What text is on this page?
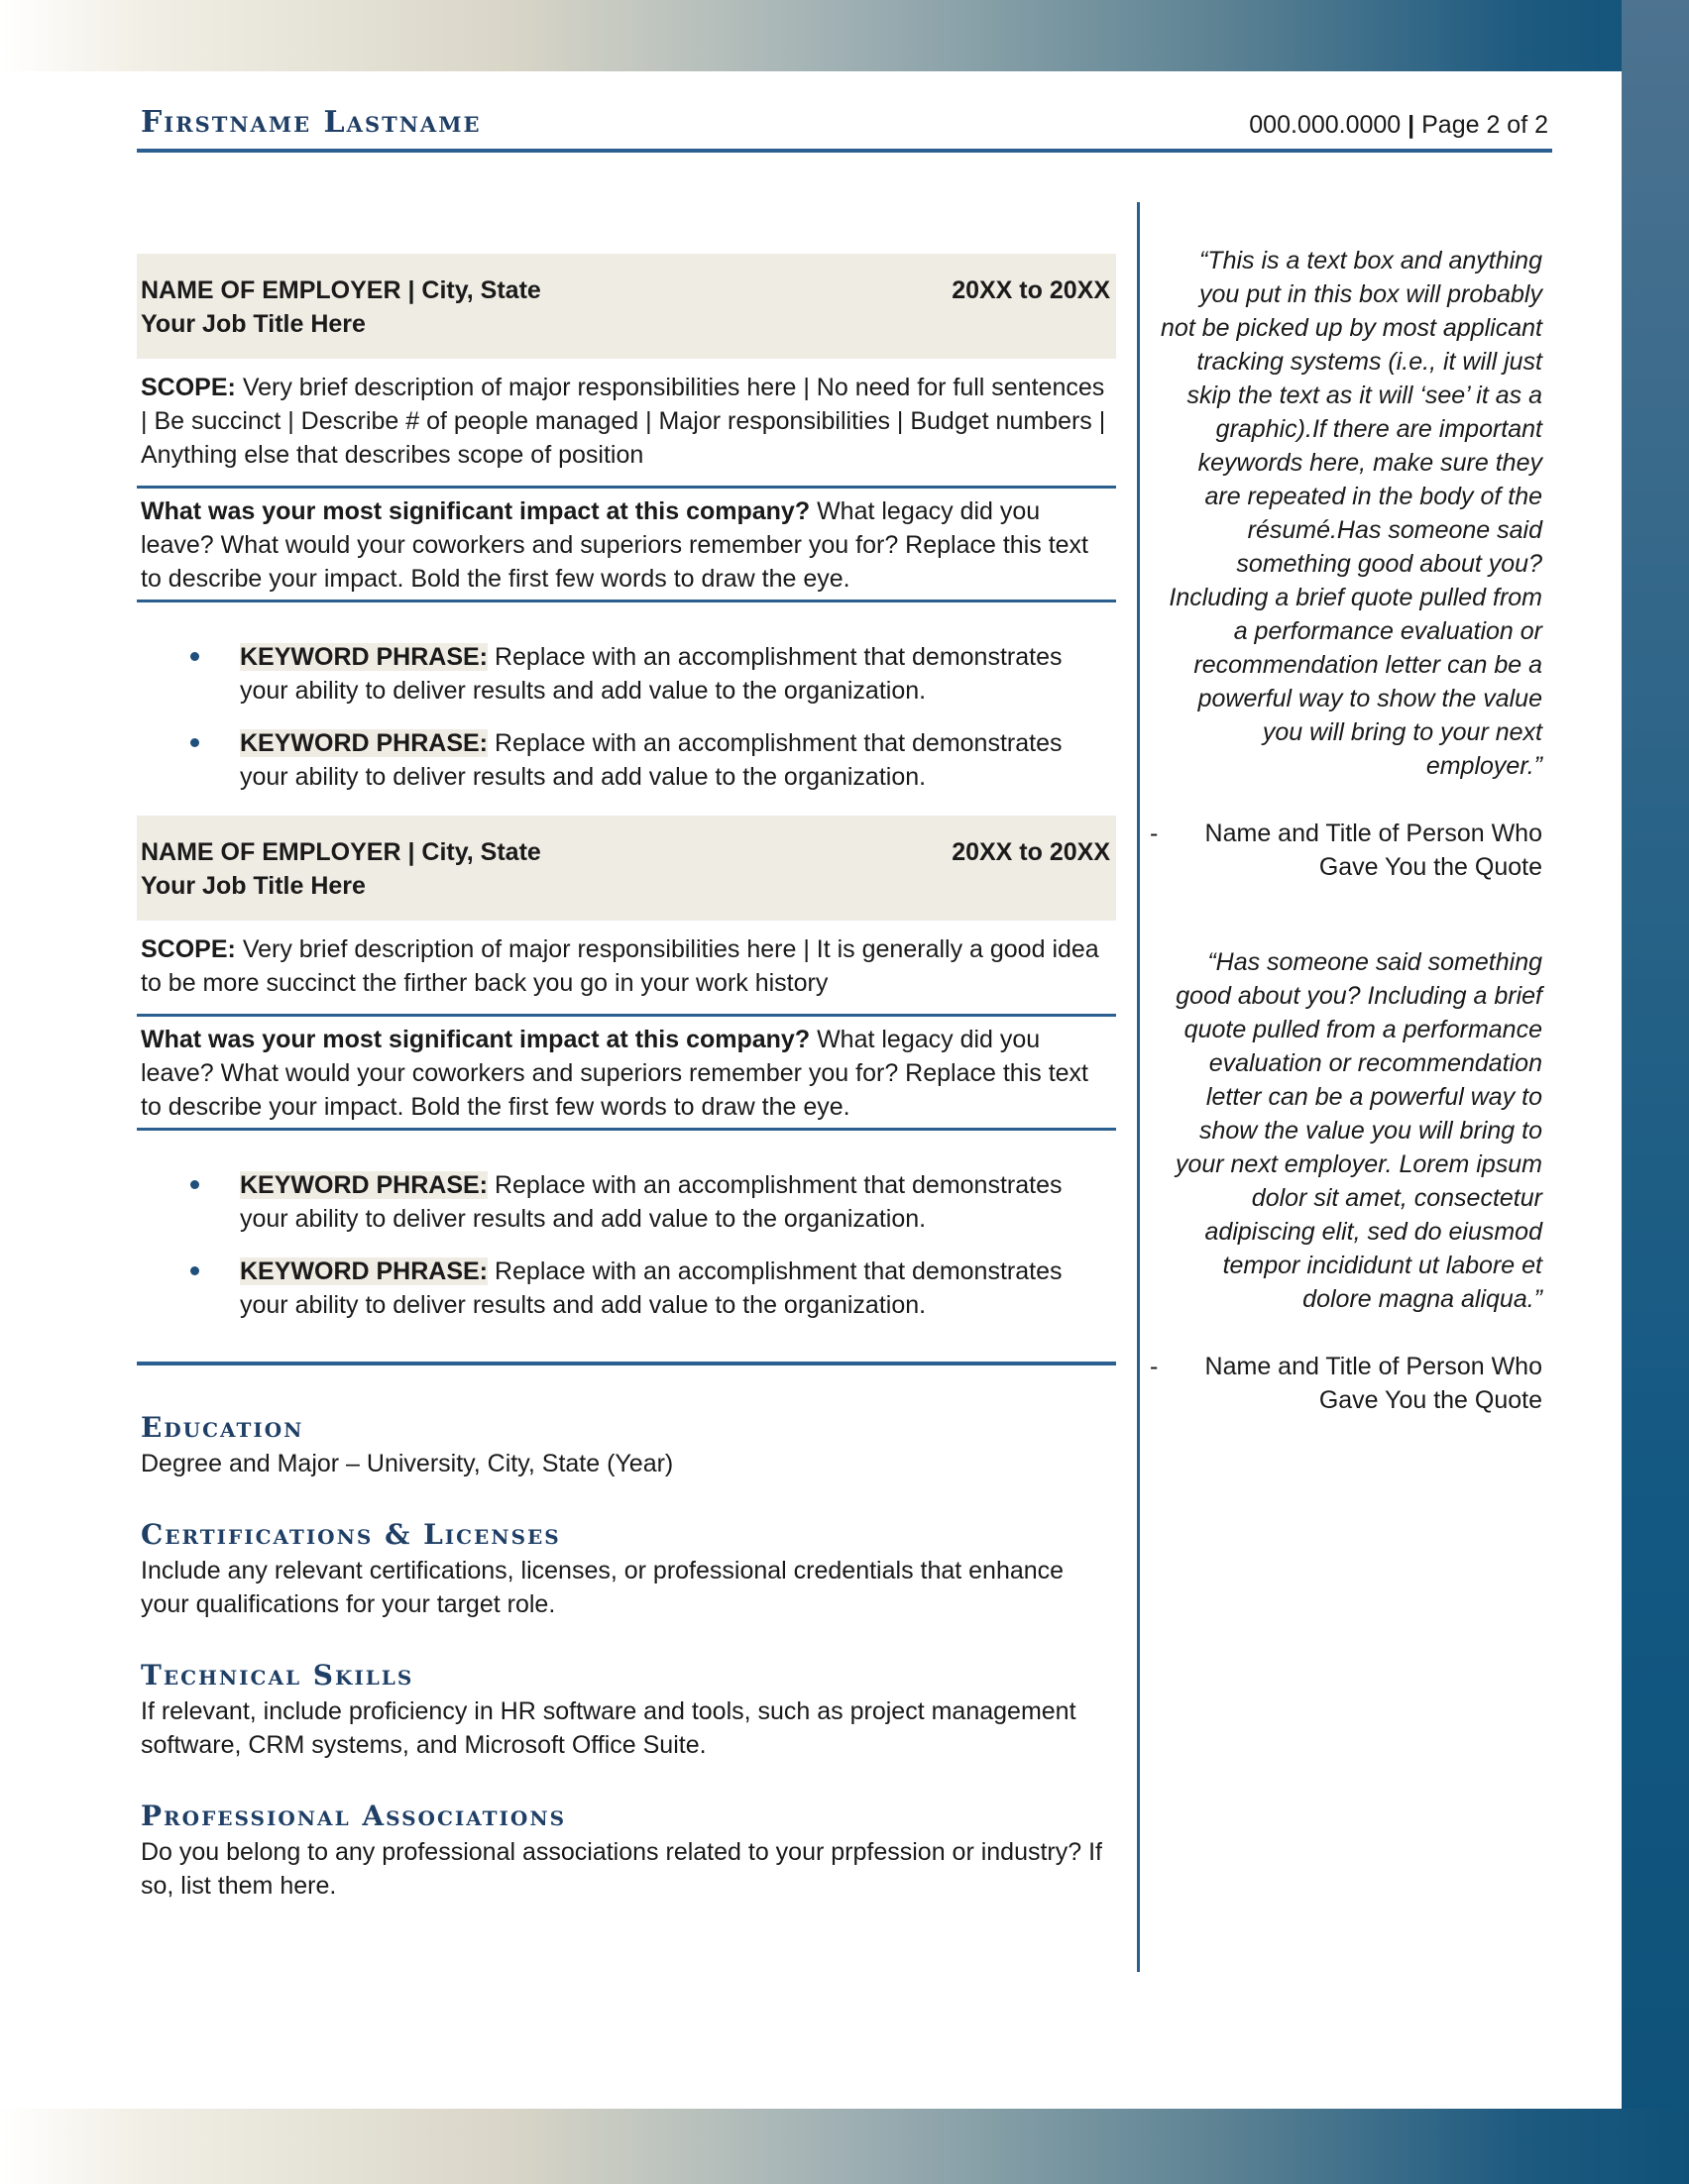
Firstname Lastname	000.000.0000 | Page 2 of 2
NAME OF EMPLOYER | City, State
Your Job Title Here
20XX to 20XX
SCOPE: Very brief description of major responsibilities here | No need for full sentences | Be succinct | Describe # of people managed | Major responsibilities | Budget numbers | Anything else that describes scope of position
What was your most significant impact at this company? What legacy did you leave? What would your coworkers and superiors remember you for? Replace this text to describe your impact. Bold the first few words to draw the eye.
KEYWORD PHRASE: Replace with an accomplishment that demonstrates your ability to deliver results and add value to the organization.
KEYWORD PHRASE: Replace with an accomplishment that demonstrates your ability to deliver results and add value to the organization.
NAME OF EMPLOYER | City, State
Your Job Title Here
20XX to 20XX
SCOPE: Very brief description of major responsibilities here | It is generally a good idea to be more succinct the firther back you go in your work history
What was your most significant impact at this company? What legacy did you leave? What would your coworkers and superiors remember you for? Replace this text to describe your impact. Bold the first few words to draw the eye.
KEYWORD PHRASE: Replace with an accomplishment that demonstrates your ability to deliver results and add value to the organization.
KEYWORD PHRASE: Replace with an accomplishment that demonstrates your ability to deliver results and add value to the organization.
Education
Degree and Major – University, City, State (Year)
Certifications & Licenses
Include any relevant certifications, licenses, or professional credentials that enhance your qualifications for your target role.
Technical Skills
If relevant, include proficiency in HR software and tools, such as project management software, CRM systems, and Microsoft Office Suite.
Professional Associations
Do you belong to any professional associations related to your prpfession or industry? If so, list them here.
“This is a text box and anything you put in this box will probably not be picked up by most applicant tracking systems (i.e., it will just skip the text as it will ‘see’ it as a graphic).If there are important keywords here, make sure they are repeated in the body of the résumé.Has someone said something good about you? Including a brief quote pulled from a performance evaluation or recommendation letter can be a powerful way to show the value you will bring to your next employer.”
- Name and Title of Person Who Gave You the Quote
“Has someone said something good about you? Including a brief quote pulled from a performance evaluation or recommendation letter can be a powerful way to show the value you will bring to your next employer. Lorem ipsum dolor sit amet, consectetur adipiscing elit, sed do eiusmod tempor incididunt ut labore et dolore magna aliqua.”
- Name and Title of Person Who Gave You the Quote
